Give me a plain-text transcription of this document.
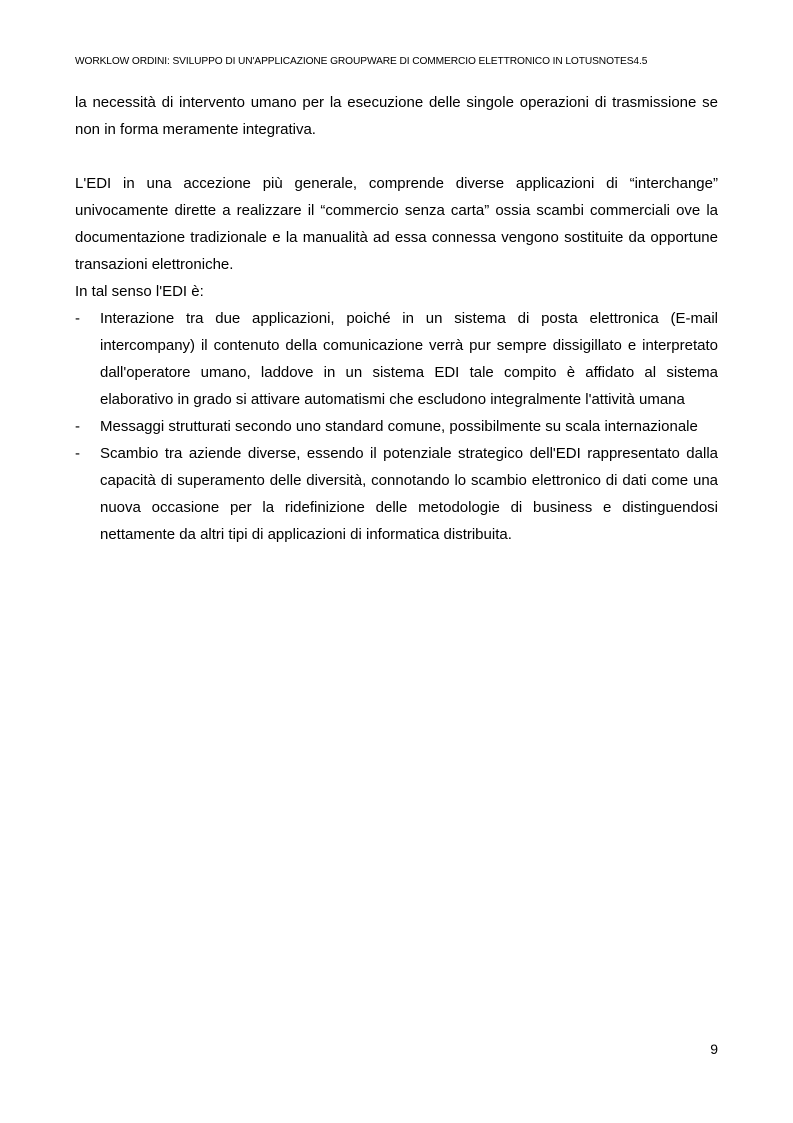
WORKLOW ORDINI: SVILUPPO DI UN'APPLICAZIONE GROUPWARE DI COMMERCIO ELETTRONICO IN LOTUSNOTES4.5

la necessità di intervento umano per la esecuzione delle singole operazioni di trasmissione se non in forma meramente integrativa.

L'EDI in una accezione più generale, comprende diverse applicazioni di “interchange” univocamente dirette a realizzare il “commercio senza carta” ossia scambi commerciali ove la documentazione tradizionale e la manualità ad essa connessa vengono sostituite da opportune transazioni elettroniche.

In tal senso l'EDI è:

- Interazione tra due applicazioni, poiché in un sistema di posta elettronica (E-mail intercompany) il contenuto della comunicazione verrà pur sempre dissigillato e interpretato dall'operatore umano, laddove in un sistema EDI tale compito è affidato al sistema elaborativo in grado si attivare automatismi che escludono integralmente l'attività umana
- Messaggi strutturati secondo uno standard comune, possibilmente su scala internazionale
- Scambio tra aziende diverse, essendo il potenziale strategico dell'EDI rappresentato dalla capacità di superamento delle diversità, connotando lo scambio elettronico di dati come una nuova occasione per la ridefinizione delle metodologie di business e distinguendosi nettamente da altri tipi di applicazioni di informatica distribuita.
9
